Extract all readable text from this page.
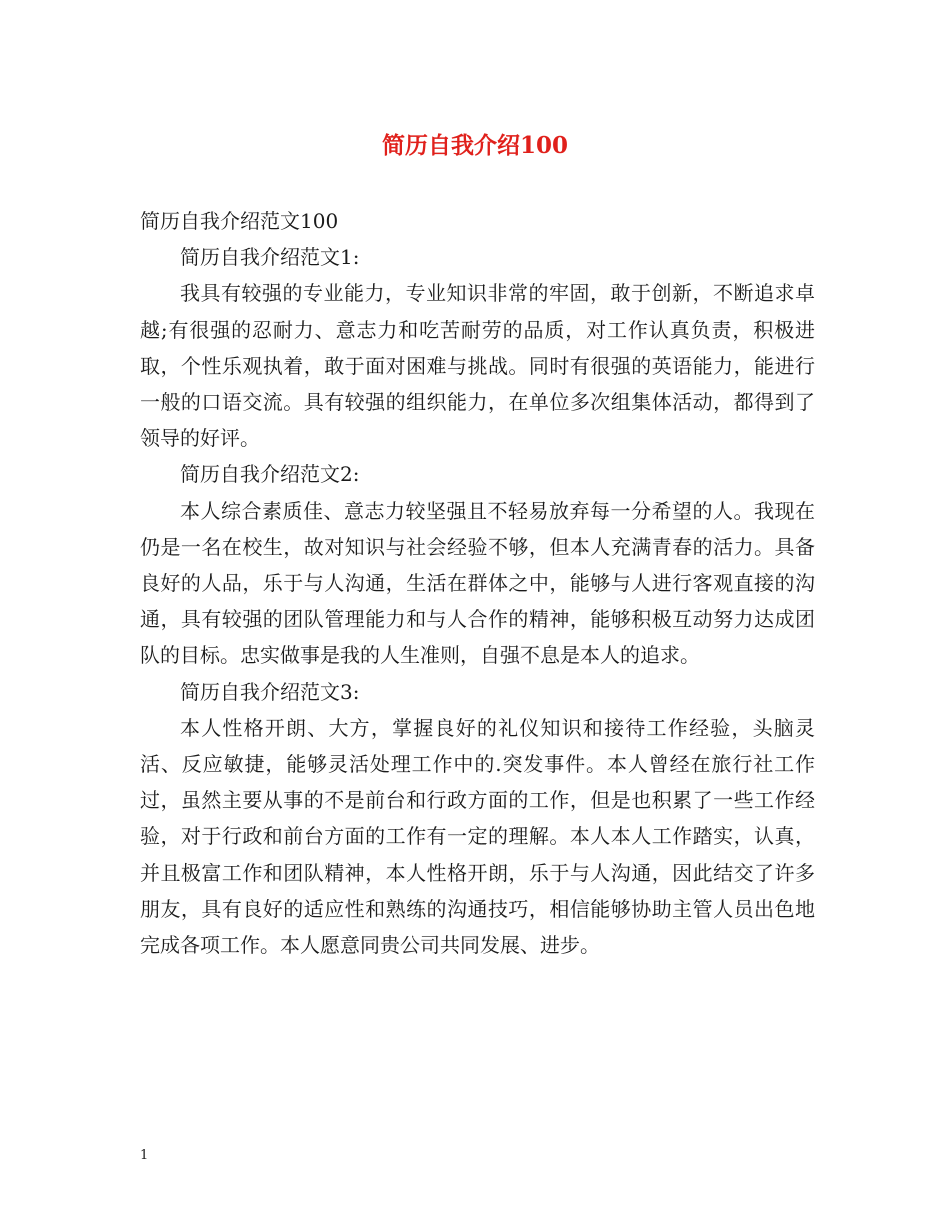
简历自我介绍100

简历自我介绍范文100

简历自我介绍范文1:

我具有较强的专业能力，专业知识非常的牢固，敢于创新，不断追求卓越;有很强的忍耐力、意志力和吃苦耐劳的品质，对工作认真负责，积极进取，个性乐观执着，敢于面对困难与挑战。同时有很强的英语能力，能进行一般的口语交流。具有较强的组织能力，在单位多次组集体活动，都得到了领导的好评。

简历自我介绍范文2:

本人综合素质佳、意志力较坚强且不轻易放弃每一分希望的人。我现在仍是一名在校生，故对知识与社会经验不够，但本人充满青春的活力。具备良好的人品，乐于与人沟通，生活在群体之中，能够与人进行客观直接的沟通，具有较强的团队管理能力和与人合作的精神，能够积极互动努力达成团队的目标。忠实做事是我的人生准则，自强不息是本人的追求。

简历自我介绍范文3:

本人性格开朗、大方，掌握良好的礼仪知识和接待工作经验，头脑灵活、反应敏捷，能够灵活处理工作中的.突发事件。本人曾经在旅行社工作过，虽然主要从事的不是前台和行政方面的工作，但是也积累了一些工作经验，对于行政和前台方面的工作有一定的理解。本人本人工作踏实，认真，并且极富工作和团队精神，本人性格开朗，乐于与人沟通，因此结交了许多朋友，具有良好的适应性和熟练的沟通技巧，相信能够协助主管人员出色地完成各项工作。本人愿意同贵公司共同发展、进步。

1
